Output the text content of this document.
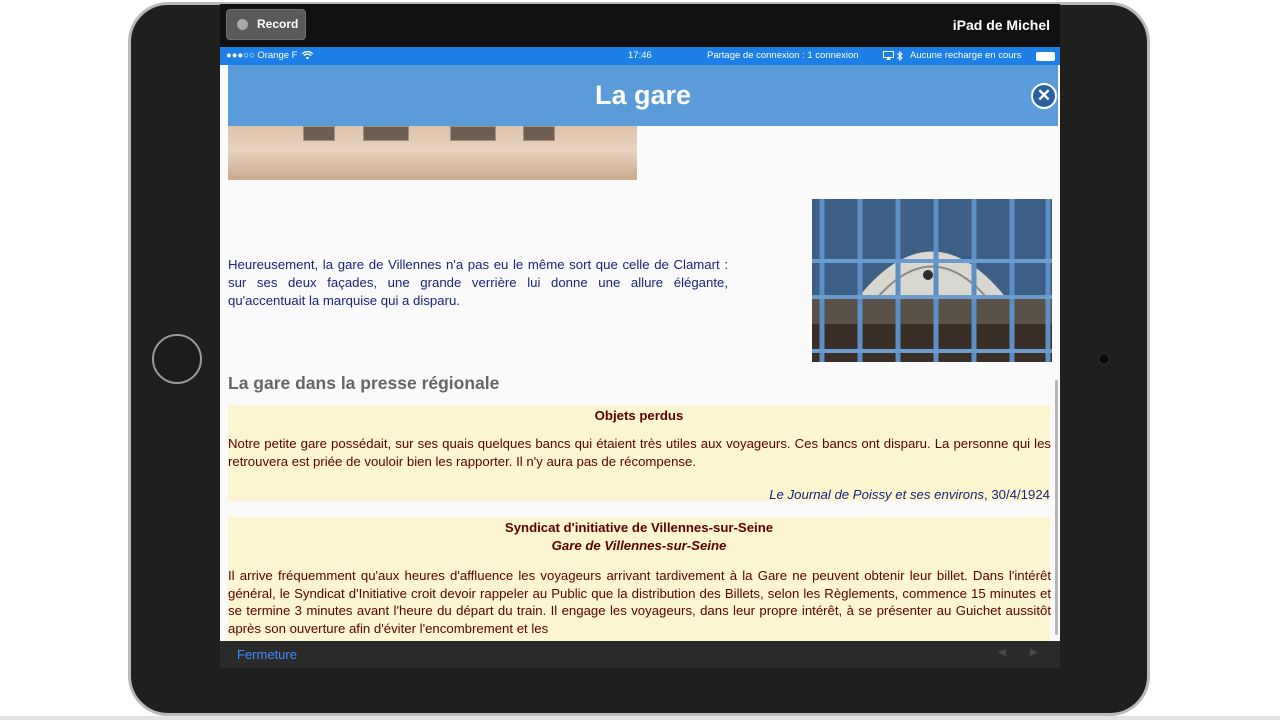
Record	iPad de Michel
●●●○○ Orange F	17:46	Partage de connexion : 1 connexion	Aucune recharge en cours
La gare	✕
Heureusement, la gare de Villennes n'a pas eu le même sort que celle de Clamart : sur ses deux façades, une grande verrière lui donne une allure élégante, qu'accentuait la marquise qui a disparu.
La gare dans la presse régionale
Objets perdus
Notre petite gare possédait, sur ses quais quelques bancs qui étaient très utiles aux voyageurs. Ces bancs ont disparu. La personne qui les retrouvera est priée de vouloir bien les rapporter. Il n'y aura pas de récompense.
Le Journal de Poissy et ses environs, 30/4/1924
Syndicat d'initiative de Villennes-sur-Seine
Gare de Villennes-sur-Seine
Il arrive fréquemment qu'aux heures d'affluence les voyageurs arrivant tardivement à la Gare ne peuvent obtenir leur billet. Dans l'intérêt général, le Syndicat d'Initiative croit devoir rappeler au Public que la distribution des Billets, selon les Règlements, commence 15 minutes et se termine 3 minutes avant l'heure du départ du train. Il engage les voyageurs, dans leur propre intérêt, à se présenter au Guichet aussitôt après son ouverture afin d'éviter l'encombrement et les
Fermeture	◀ ▶
